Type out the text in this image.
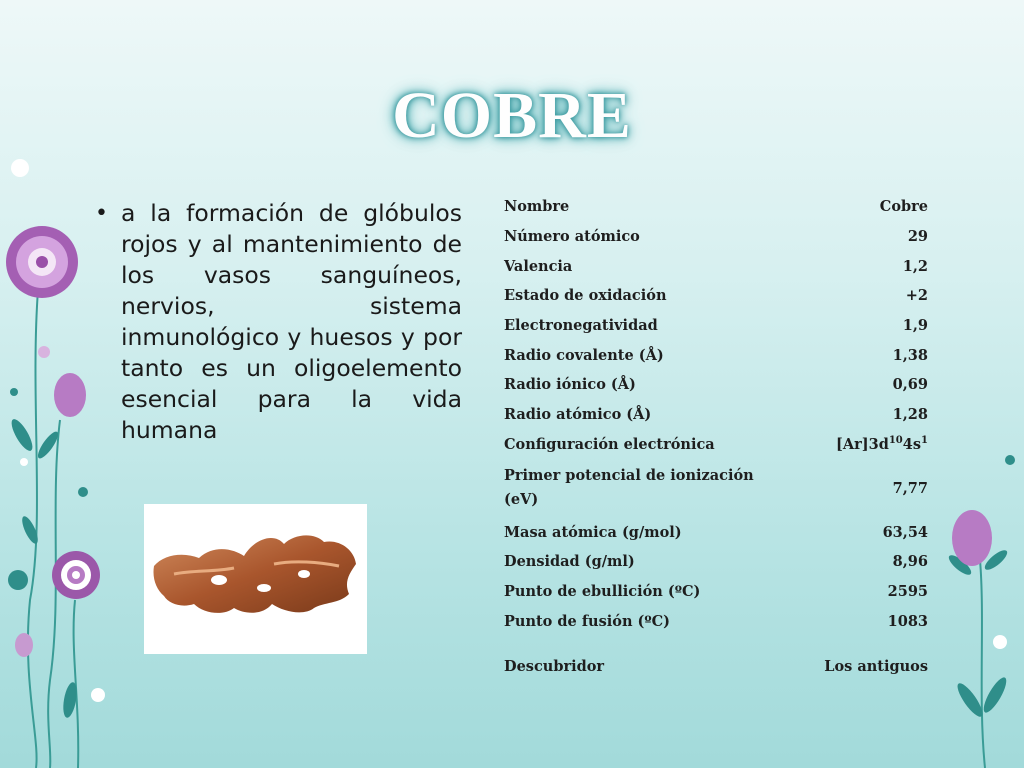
COBRE
• a la formación de glóbulos rojos y al mantenimiento de los vasos sanguíneos, nervios, sistema inmunológico y huesos y por tanto es un oligoelemento esencial para la vida humana
Nombre	Cobre
Número atómico	29
Valencia	1,2
Estado de oxidación	+2
Electronegatividad	1,9
Radio covalente (Å)	1,38
Radio iónico (Å)	0,69
Radio atómico (Å)	1,28
Configuración electrónica	$[Ar]3d^{10}4s^1$
Primer potencial de ionización (eV)	7,77
Masa atómica (g/mol)	63,54
Densidad (g/ml)	8,96
Punto de ebullición (ºC)	2595
Punto de fusión (ºC)	1083
Descubridor	Los antiguos
